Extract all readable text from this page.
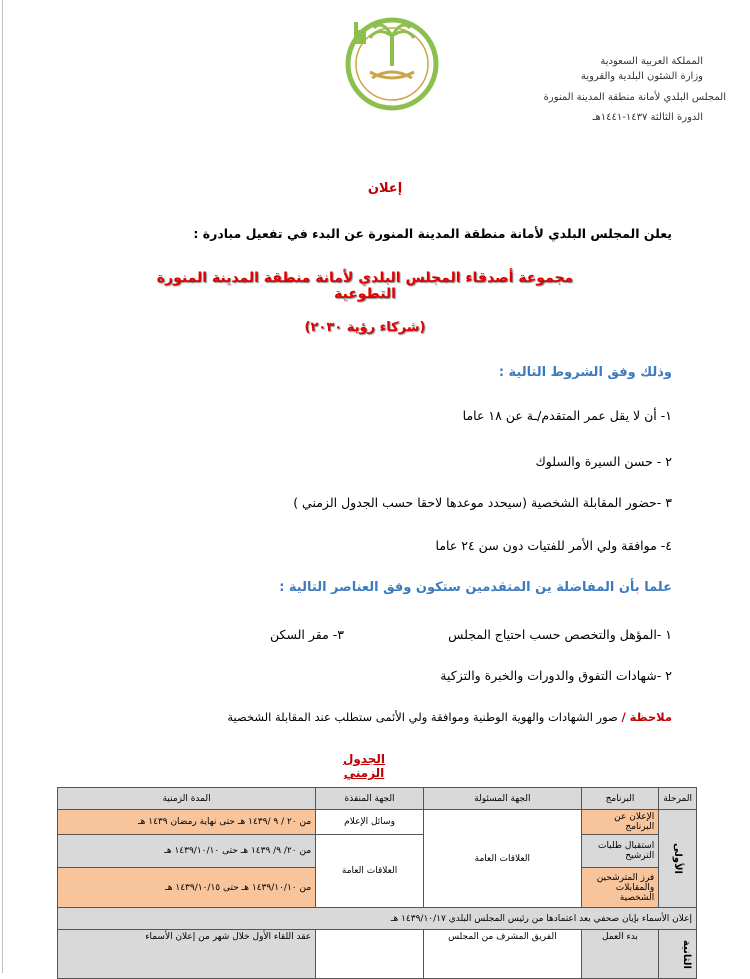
المملكة العربية السعودية
وزارة الشئون البلدية والقروية
المجلس البلدي لأمانة منطقة المدينة المنورة
الدورة الثالثة ١٤٣٧-١٤٤١هـ
إعلان
يعلن المجلس البلدي لأمانة منطقة المدينة المنورة عن البدء في تفعيل مبادرة :
مجموعة أصدقاء المجلس البلدي لأمانة منطقة المدينة المنورة التطوعية
(شركاء رؤية ٢٠٣٠)
وذلك وفق الشروط التالية :
١- أن لا يقل عمر المتقدم/ـة عن ١٨ عاما
٢ - حسن السيرة والسلوك
٣ -حضور المقابلة الشخصية (سيحدد موعدها لاحقا حسب الجدول الزمني )
٤- موافقة ولي الأمر للفتيات دون سن ٢٤ عاما
علما بأن المفاضلة ين المتقدمين ستكون وفق العناصر التالية :
١ -المؤهل والتخصص حسب احتياج المجلس
٣- مقر السكن
٢ -شهادات التفوق والدورات والخبرة والتزكية
ملاحظة / صور الشهادات والهوية الوطنية وموافقة ولي الأئمى ستطلب عند المقابلة الشخصية
الجدول الزمني
المرحلة	البرنامج	الجهة المسئولة	الجهة المنفذة	المدة الزمنية
الأولى	الإعلان عن البرنامج	العلاقات العامة	وسائل الإعلام	من ٢٠ / ٩ /١٤٣٩ هـ حتى نهاية رمضان ١٤٣٩ هـ
	استقبال طلبات الترشيح		العلاقات العامة	من ٢٠/ ٩/ ١٤٣٩ هـ حتى ١٤٣٩/١٠/١٠ هـ
	فرز المترشحين والمقابلات الشخصية			من ١٤٣٩/١٠/١٠ هـ حتى ١٤٣٩/١٠/١٥ هـ
إعلان الأسماء بإيان صحفي بعد اعتمادها من رئيس المجلس البلدي ١٤٣٩/١٠/١٧ هـ				
الثانية	بدء العمل	الفريق المشرف من المجلس		عقد اللقاء الأول خلال شهر من إعلان الأسماء
